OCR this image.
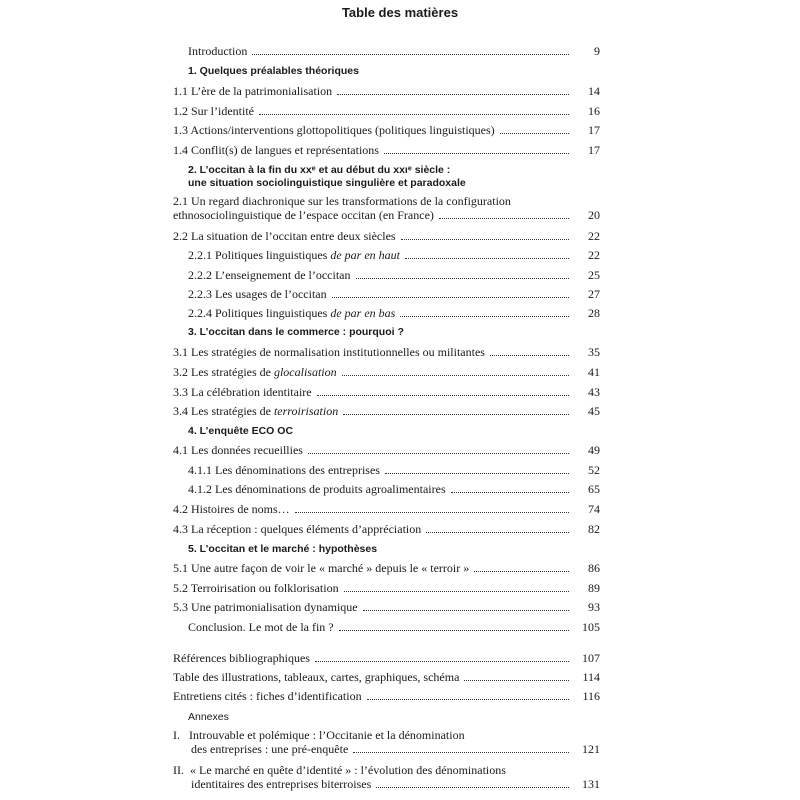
Table des matières
Introduction	9
1. Quelques préalables théoriques
1.1 L’ère de la patrimonialisation	14
1.2 Sur l’identité	16
1.3 Actions/interventions glottopolitiques (politiques linguistiques)	17
1.4 Conflit(s) de langues et représentations	17
2. L’occitan à la fin du xxᵉ et au début du xxıᵉ siècle :
une situation sociolinguistique singulière et paradoxale
2.1 Un regard diachronique sur les transformations de la configuration
ethnosociolinguistique de l’espace occitan (en France)	20
2.2 La situation de l’occitan entre deux siècles	22
2.2.1 Politiques linguistiques de par en haut	22
2.2.2 L’enseignement de l’occitan	25
2.2.3 Les usages de l’occitan	27
2.2.4 Politiques linguistiques de par en bas	28
3. L’occitan dans le commerce : pourquoi ?
3.1 Les stratégies de normalisation institutionnelles ou militantes	35
3.2 Les stratégies de glocalisation	41
3.3 La célébration identitaire	43
3.4 Les stratégies de terroirisation	45
4. L’enquête ECO OC
4.1 Les données recueillies	49
4.1.1 Les dénominations des entreprises	52
4.1.2 Les dénominations de produits agroalimentaires	65
4.2 Histoires de noms…	74
4.3 La réception : quelques éléments d’appréciation	82
5. L’occitan et le marché : hypothèses
5.1 Une autre façon de voir le « marché » depuis le « terroir »	86
5.2 Terroirisation ou folklorisation	89
5.3 Une patrimonialisation dynamique	93
Conclusion. Le mot de la fin ?	105
Références bibliographiques	107
Table des illustrations, tableaux, cartes, graphiques, schéma	114
Entretiens cités : fiches d’identification	116
Annexes
I.   Introuvable et polémique : l’Occitanie et la dénomination
des entreprises : une pré-enquête	121
II.  « Le marché en quête d’identité » : l’évolution des dénominations
identitaires des entreprises biterroises	131
